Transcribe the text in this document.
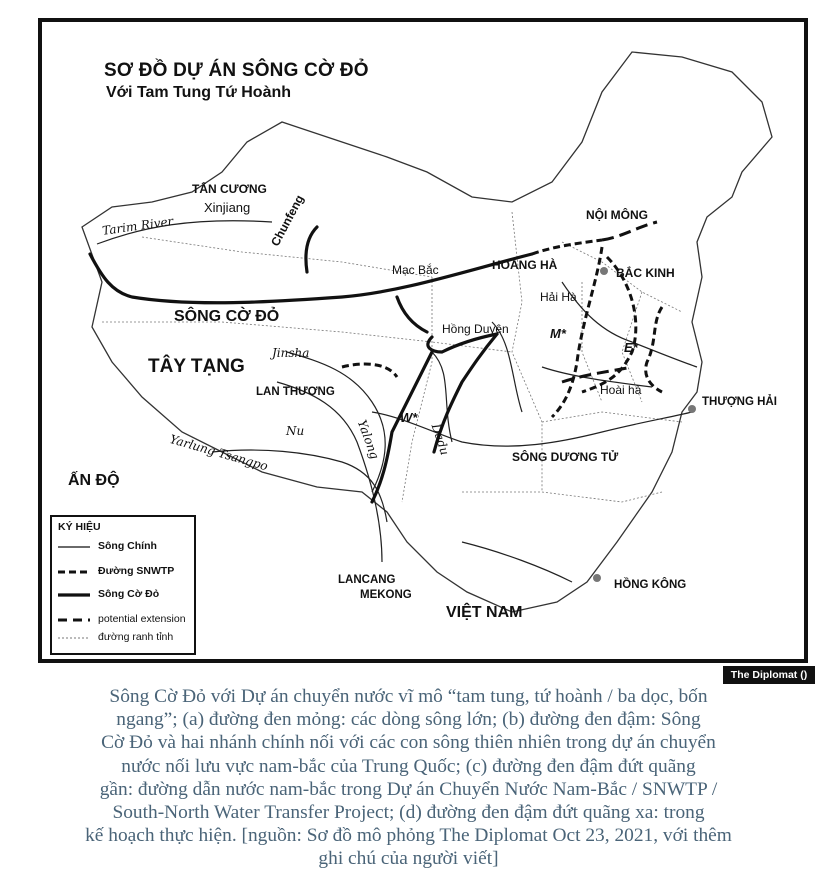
SƠ ĐỒ DỰ ÁN SÔNG CỜ ĐỎ
Với Tam Tung Tứ Hoành
TÂN CƯƠNG
Xinjiang
Tarim River	Chunfeng	NỘI MÔNG
HOÀNG HÀ
Mạc Bắc	BẮC KINH
Hải Hà
SÔNG CỜ ĐỎ
Hồng Duyên	M*
E*
TÂY TẠNG
Jinsha
LAN THƯƠNG	Hoài hà
THƯỢNG HẢI
W*
Nu	Yalong	Dadu
Yarlung Tsangpo	SÔNG DƯƠNG TỬ
ẤN ĐỘ
LANCANG
MEKONG
HỒNG KÔNG
VIỆT NAM
KÝ HIỆU
Sông Chính
Đường SNWTP
Sông Cờ Đỏ
potential extension
đường ranh tỉnh
The Diplomat ()

Sông Cờ Đỏ với Dự án chuyển nước vĩ mô “tam tung, tứ hoành / ba dọc, bốn
ngang”; (a) đường đen mỏng: các dòng sông lớn; (b) đường đen đậm: Sông
Cờ Đỏ và hai nhánh chính nối với các con sông thiên nhiên trong dự án chuyển
nước nối lưu vực nam-bắc của Trung Quốc; (c) đường đen đậm đứt quãng
gần: đường dẫn nước nam-bắc trong Dự án Chuyển Nước Nam-Bắc / SNWTP /
South-North Water Transfer Project; (d) đường đen đậm đứt quãng xa: trong
kế hoạch thực hiện. [nguồn: Sơ đồ mô phỏng The Diplomat Oct 23, 2021, với thêm
ghi chú của người viết]
